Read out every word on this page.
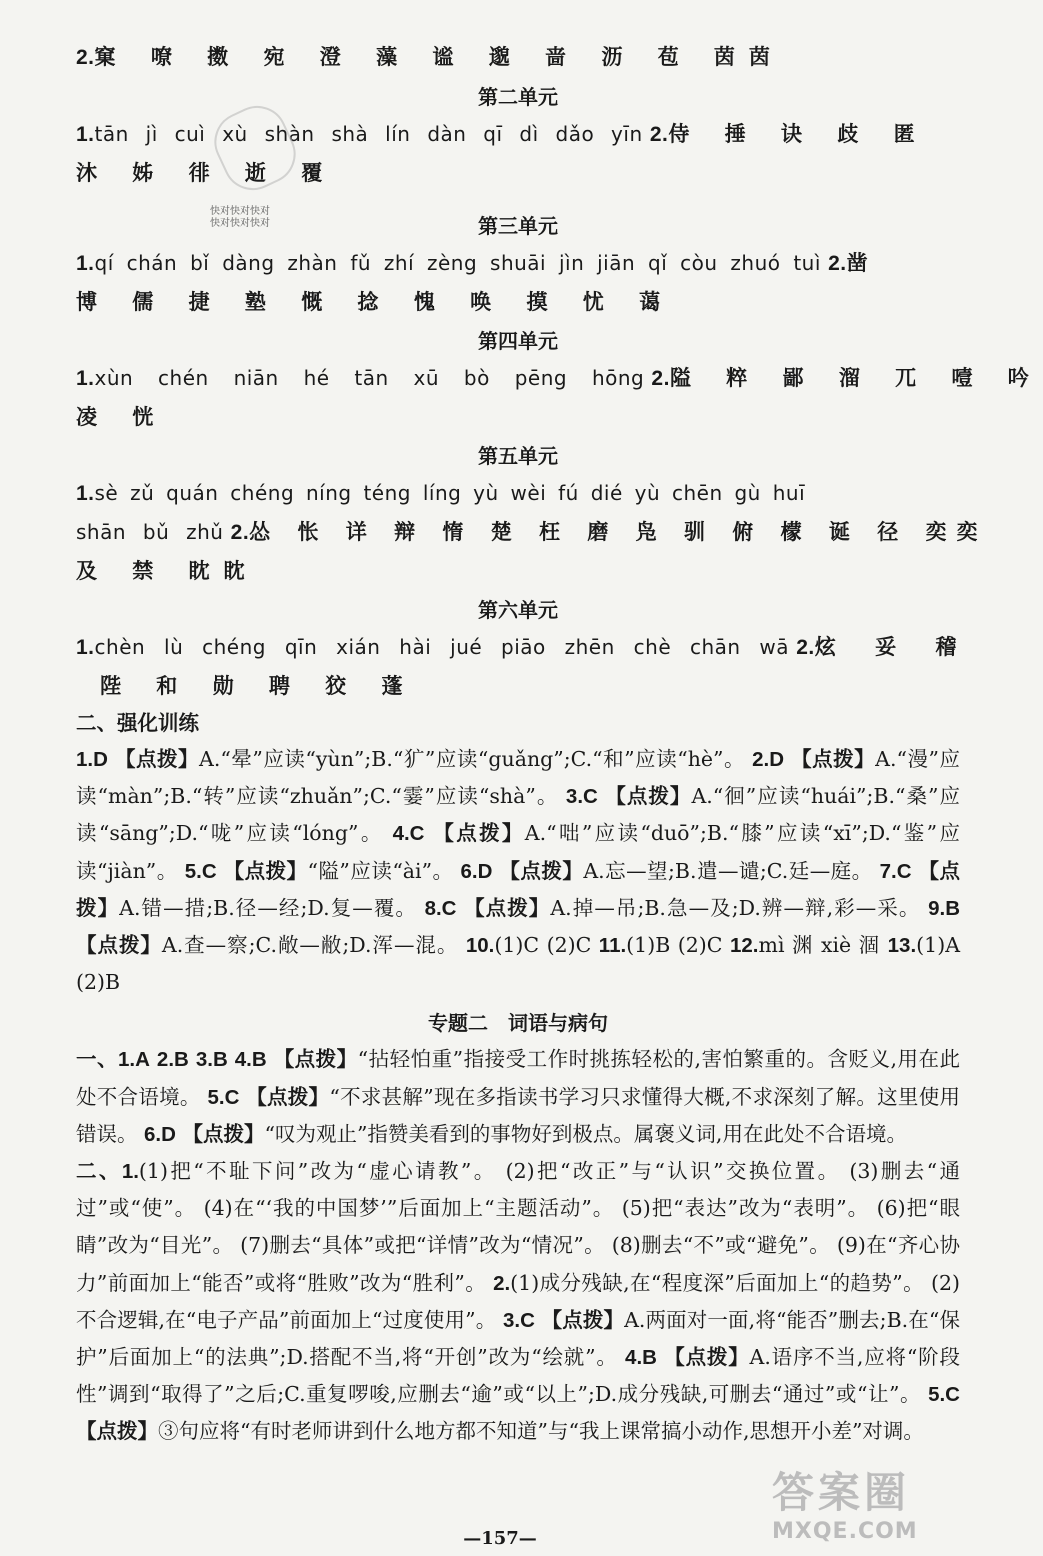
2.窠 嘹 擞 宛 澄 藻 谧 邈 啬 沥 苞 茵茵
第二单元
1.tān jì cuì xù shàn shà lín dàn qī dì dǎo yīn 2.侍 捶 诀 歧 匿
沐 姊 徘 逝 覆
第三单元
1.qí chán bǐ dàng zhàn fǔ zhí zèng shuāi jìn jiān qǐ còu zhuó tuì 2.凿
博 儒 捷 塾 慨 捻 愧 唤 摸 忧 蔼
第四单元
1.xùn chén niān hé tān xū bò pēng hōng 2.隘 粹 鄙 溜 兀 噎 吟
凌 恍
第五单元
1.sè zǔ quán chéng níng téng líng yù wèi fú dié yù chēn gù huī
shān bǔ zhǔ 2.怂 怅 详 辩 惰 楚 枉 磨 凫 驯 俯 檬 诞 径 奕奕
及 禁 眈眈
第六单元
1.chèn lù chéng qīn xián hài jué piāo zhēn chè chān wā 2.炫 妥 稽
陛 和 勋 聘 狡 蓬
二、强化训练

1.D 【点拨】A.“晕”应读“yùn”;B.“犷”应读“guǎng”;C.“和”应读“hè”。 2.D 【点拨】A.“漫”应读“màn”;B.“转”应读“zhuǎn”;C.“霎”应读“shà”。 3.C 【点拨】A.“徊”应读“huái”;B.“桑”应读“sāng”;D.“咙”应读“lóng”。 4.C 【点拨】A.“咄”应读“duō”;B.“膝”应读“xī”;D.“鉴”应读“jiàn”。 5.C 【点拨】“隘”应读“ài”。 6.D 【点拨】A.忘—望;B.遣—谴;C.廷—庭。 7.C 【点拨】A.错—措;B.径—经;D.复—覆。 8.C 【点拨】A.掉—吊;B.急—及;D.辨—辩,彩—采。 9.B 【点拨】A.查—察;C.敞—敝;D.浑—混。 10.(1)C (2)C 11.(1)B (2)C 12.mì 渊 xiè 涸 13.(1)A (2)B

专题二　词语与病句

一、1.A 2.B 3.B 4.B 【点拨】“拈轻怕重”指接受工作时挑拣轻松的,害怕繁重的。含贬义,用在此处不合语境。 5.C 【点拨】“不求甚解”现在多指读书学习只求懂得大概,不求深刻了解。这里使用错误。 6.D 【点拨】“叹为观止”指赞美看到的事物好到极点。属褒义词,用在此处不合语境。

二、1.(1)把“不耻下问”改为“虚心请教”。 (2)把“改正”与“认识”交换位置。 (3)删去“通过”或“使”。 (4)在“‘我的中国梦’”后面加上“主题活动”。 (5)把“表达”改为“表明”。 (6)把“眼睛”改为“目光”。 (7)删去“具体”或把“详情”改为“情况”。 (8)删去“不”或“避免”。 (9)在“齐心协力”前面加上“能否”或将“胜败”改为“胜利”。 2.(1)成分残缺,在“程度深”后面加上“的趋势”。 (2)不合逻辑,在“电子产品”前面加上“过度使用”。 3.C 【点拨】A.两面对一面,将“能否”删去;B.在“保护”后面加上“的法典”;D.搭配不当,将“开创”改为“绘就”。 4.B 【点拨】A.语序不当,应将“阶段性”调到“取得了”之后;C.重复啰唆,应删去“逾”或“以上”;D.成分残缺,可删去“通过”或“让”。 5.C 【点拨】③句应将“有时老师讲到什么地方都不知道”与“我上课常搞小动作,思想开小差”对调。

快对快对快对
快对快对快对
—157—
答案圈
MXQE.COM
